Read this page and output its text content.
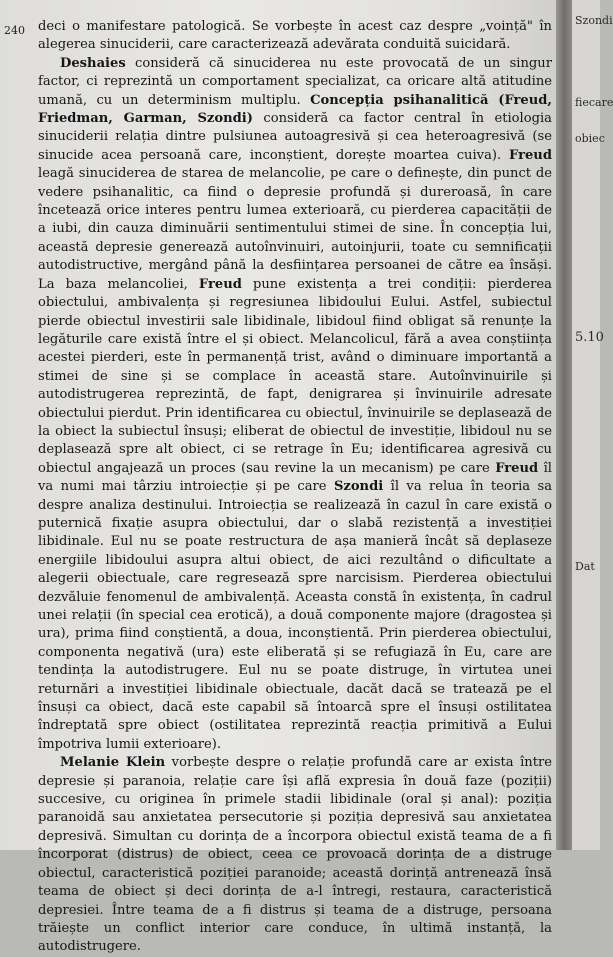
240 deci o manifestare patologică. Se vorbește în acest caz despre „voință" în alegerea sinuciderii, care caracterizează adevărata conduită suicidară.

Deshaies consideră că sinuciderea nu este provocată de un singur factor, ci reprezintă un comportament specializat, ca oricare altă atitudine umană, cu un determinism multiplu. Concepția psihanalitică (Freud, Friedman, Garman, Szondi) consideră ca factor central în etiologia sinuciderii relația dintre pulsiunea autoagresivă și cea heteroagresivă (se sinucide acea persoană care, inconștient, dorește moartea cuiva). Freud leagă sinuciderea de starea de melancolie, pe care o definește, din punct de vedere psihanalitic, ca fiind o depresie profundă și dureroasă, în care încetează orice interes pentru lumea exterioară, cu pierderea capacității de a iubi, din cauza diminuării sentimentului stimei de sine. În concepția lui, această depresie generează autoînvinuiri, autoinjurii, toate cu semnificații autodistructive, mergând până la desființarea persoanei de către ea însăși. La baza melancoliei, Freud pune existența a trei condiții: pierderea obiectului, ambivalența și regresiunea libidoului Eului. Astfel, subiectul pierde obiectul investirii sale libidinale, libidoul fiind obligat să renunțe la legăturile care există între el și obiect. Melancolicul, fără a avea conștiința acestei pierderi, este în permanență trist, având o diminuare importantă a stimei de sine și se complace în această stare. Autoînvinuirile și autodistrugerea reprezintă, de fapt, denigrarea și învinuirile adresate obiectului pierdut. Prin identificarea cu obiectul, învinuirile se deplasează de la obiect la subiectul însuși; eliberat de obiectul de investiție, libidoul nu se deplasează spre alt obiect, ci se retrage în Eu; identificarea agresivă cu obiectul angajează un proces (sau revine la un mecanism) pe care Freud îl va numi mai târziu introiecție și pe care Szondi îl va relua în teoria sa despre analiza destinului. Introiecția se realizează în cazul în care există o puternică fixație asupra obiectului, dar o slabă rezistență a investiției libidinale. Eul nu se poate restructura de așa manieră încât să deplaseze energiile libidoului asupra altui obiect, de aici rezultând o dificultate a alegerii obiectuale, care regresează spre narcisism. Pierderea obiectului dezvăluie fenomenul de ambivalență. Aceasta constă în existența, în cadrul unei relații (în special cea erotică), a două componente majore (dragostea și ura), prima fiind conștientă, a doua, inconștientă. Prin pierderea obiectului, componenta negativă (ura) este eliberată și se refugiază în Eu, care are tendința la autodistrugere. Eul nu se poate distruge, în virtutea unei returnări a investiției libidinale obiectuale, dacăt dacă se tratează pe el însuși ca obiect, dacă este capabil să întoarcă spre el însuși ostilitatea îndreptată spre obiect (ostilitatea reprezintă reacția primitivă a Eului împotriva lumii exterioare).

Melanie Klein vorbește despre o relație profundă care ar exista între depresie și paranoia, relație care își află expresia în două faze (poziții) succesive, cu originea în primele stadii libidinale (oral și anal): poziția paranoidă sau anxietatea persecutorie și poziția depresivă sau anxietatea depresivă. Simultan cu dorința de a încorpora obiectul există teama de a fi încorporat (distrus) de obiect, ceea ce provoacă dorința de a distruge obiectul, caracteristică poziției paranoide; această dorință antrenează însă teama de obiect și deci dorința de a-l întregi, restaura, caracteristică depresiei. Între teama de a fi distrus și teama de a distruge, persoana trăiește un conflict interior care conduce, în ultimă instanță, la autodistrugere.

Szondi
fiecare
obiec
5.10
Dat
